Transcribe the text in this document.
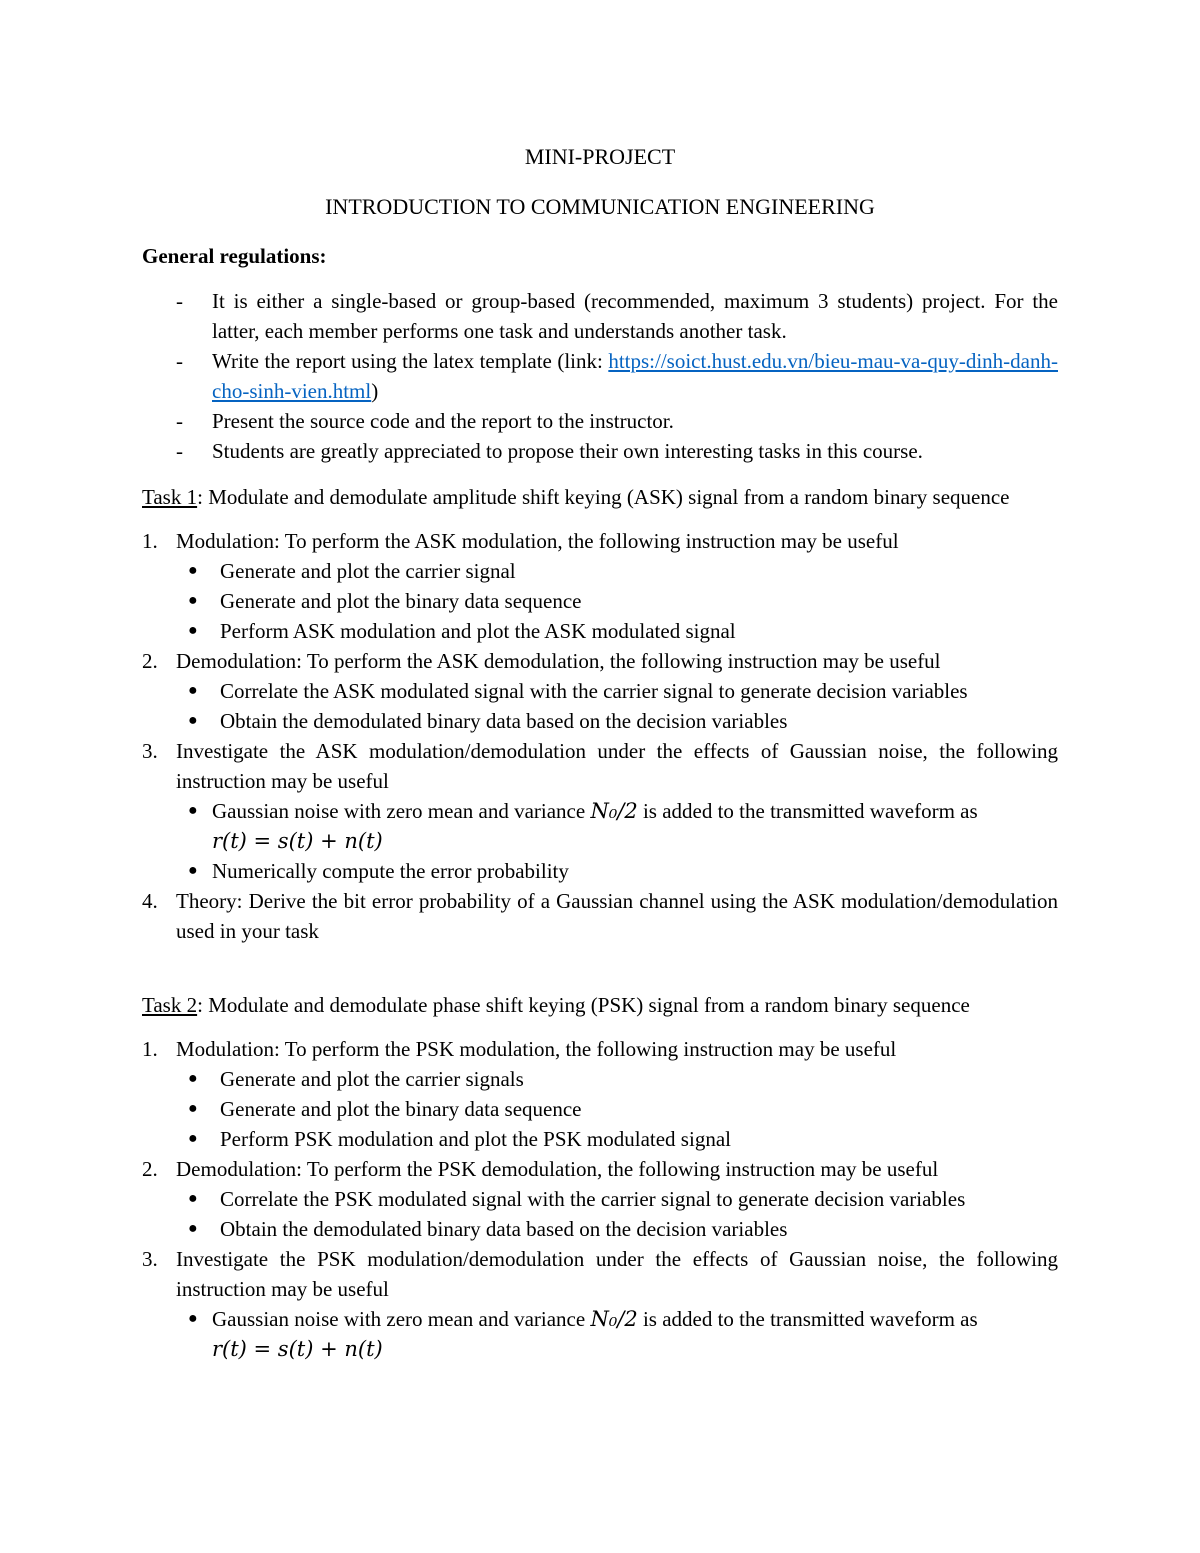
MINI-PROJECT

INTRODUCTION TO COMMUNICATION ENGINEERING

General regulations:
- It is either a single-based or group-based (recommended, maximum 3 students) project. For the latter, each member performs one task and understands another task.
- Write the report using the latex template (link: https://soict.hust.edu.vn/bieu-mau-va-quy-dinh-danh-cho-sinh-vien.html)
- Present the source code and the report to the instructor.
- Students are greatly appreciated to propose their own interesting tasks in this course.
Task 1: Modulate and demodulate amplitude shift keying (ASK) signal from a random binary sequence
1. Modulation: To perform the ASK modulation, the following instruction may be useful
● Generate and plot the carrier signal
● Generate and plot the binary data sequence
● Perform ASK modulation and plot the ASK modulated signal
2. Demodulation: To perform the ASK demodulation, the following instruction may be useful
● Correlate the ASK modulated signal with the carrier signal to generate decision variables
● Obtain the demodulated binary data based on the decision variables
3. Investigate the ASK modulation/demodulation under the effects of Gaussian noise, the following instruction may be useful
● Gaussian noise with zero mean and variance N₀/2 is added to the transmitted waveform as
r(t) = s(t) + n(t)
● Numerically compute the error probability
4. Theory: Derive the bit error probability of a Gaussian channel using the ASK modulation/demodulation used in your task
Task 2: Modulate and demodulate phase shift keying (PSK) signal from a random binary sequence
1. Modulation: To perform the PSK modulation, the following instruction may be useful
● Generate and plot the carrier signals
● Generate and plot the binary data sequence
● Perform PSK modulation and plot the PSK modulated signal
2. Demodulation: To perform the PSK demodulation, the following instruction may be useful
● Correlate the PSK modulated signal with the carrier signal to generate decision variables
● Obtain the demodulated binary data based on the decision variables
3. Investigate the PSK modulation/demodulation under the effects of Gaussian noise, the following instruction may be useful
● Gaussian noise with zero mean and variance N₀/2 is added to the transmitted waveform as
r(t) = s(t) + n(t)
